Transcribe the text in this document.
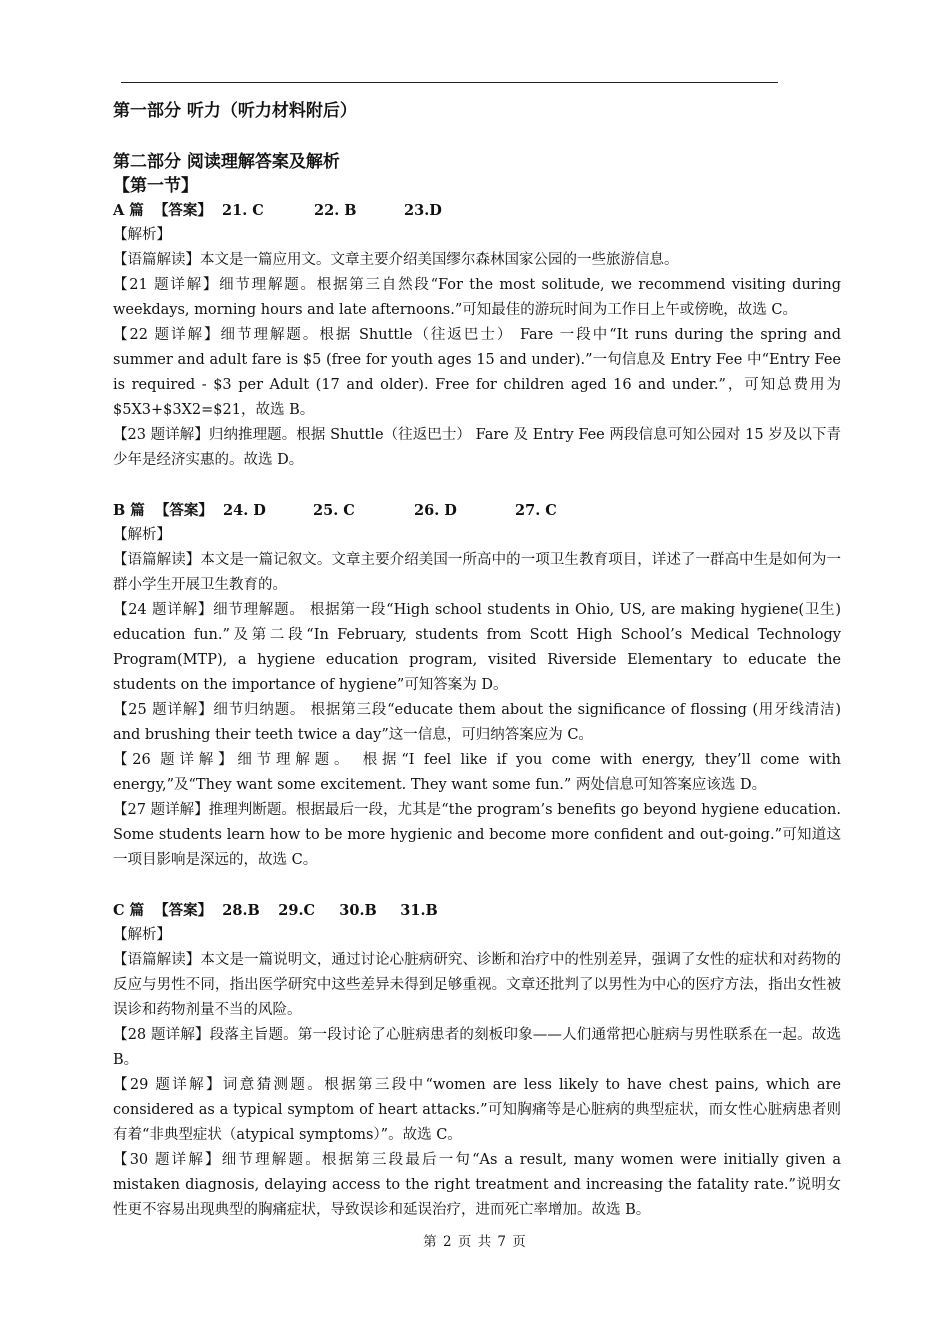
第一部分 听力（听力材料附后）
第二部分 阅读理解答案及解析
【第一节】
A 篇  【答案】 21. C	22. B	23.D

【解析】

【语篇解读】本文是一篇应用文。文章主要介绍美国缪尔森林国家公园的一些旅游信息。

【21 题详解】细节理解题。根据第三自然段“For the most solitude, we recommend visiting during weekdays, morning hours and late afternoons.”可知最佳的游玩时间为工作日上午或傍晚，故选 C。

【22 题详解】细节理解题。根据 Shuttle（往返巴士） Fare 一段中“It runs during the spring and summer and adult fare is $5 (free for youth ages 15 and under).”一句信息及 Entry Fee 中“Entry Fee is required - $3 per Adult (17 and older). Free for children aged 16 and under.”，可知总费用为$5X3+$3X2=$21，故选 B。

【23 题详解】归纳推理题。根据 Shuttle（往返巴士） Fare 及 Entry Fee 两段信息可知公园对 15 岁及以下青少年是经济实惠的。故选 D。

B 篇  【答案】 24. D	25. C	26. D	27. C

【解析】

【语篇解读】本文是一篇记叙文。文章主要介绍美国一所高中的一项卫生教育项目，详述了一群高中生是如何为一群小学生开展卫生教育的。

【24 题详解】细节理解题。 根据第一段“High school students in Ohio, US, are making hygiene(卫生) education fun.”及第二段“In February, students from Scott High School’s Medical Technology Program(MTP), a hygiene education program, visited Riverside Elementary to educate the students on the importance of hygiene”可知答案为 D。

【25 题详解】细节归纳题。 根据第三段“educate them about the significance of flossing (用牙线清洁) and brushing their teeth twice a day”这一信息，可归纳答案应为 C。

【26 题详解】细节理解题。 根据“I feel like if you come with energy, they’ll come with energy,”及“They want some excitement. They want some fun.” 两处信息可知答案应该选 D。

【27 题详解】推理判断题。根据最后一段，尤其是“the program’s benefits go beyond hygiene education. Some students learn how to be more hygienic and become more confident and out-going.”可知道这一项目影响是深远的，故选 C。

C 篇  【答案】 28.B 29.C 30.B 31.B

【解析】

【语篇解读】本文是一篇说明文，通过讨论心脏病研究、诊断和治疗中的性别差异，强调了女性的症状和对药物的反应与男性不同，指出医学研究中这些差异未得到足够重视。文章还批判了以男性为中心的医疗方法，指出女性被误诊和药物剂量不当的风险。

【28 题详解】段落主旨题。第一段讨论了心脏病患者的刻板印象——人们通常把心脏病与男性联系在一起。故选 B。

【29 题详解】词意猜测题。根据第三段中“women are less likely to have chest pains, which are considered as a typical symptom of heart attacks.”可知胸痛等是心脏病的典型症状，而女性心脏病患者则有着“非典型症状（atypical symptoms）”。故选 C。

【30 题详解】细节理解题。根据第三段最后一句“As a result, many women were initially given a mistaken diagnosis, delaying access to the right treatment and increasing the fatality rate.”说明女性更不容易出现典型的胸痛症状，导致误诊和延误治疗，进而死亡率增加。故选 B。

第 2 页 共 7 页
